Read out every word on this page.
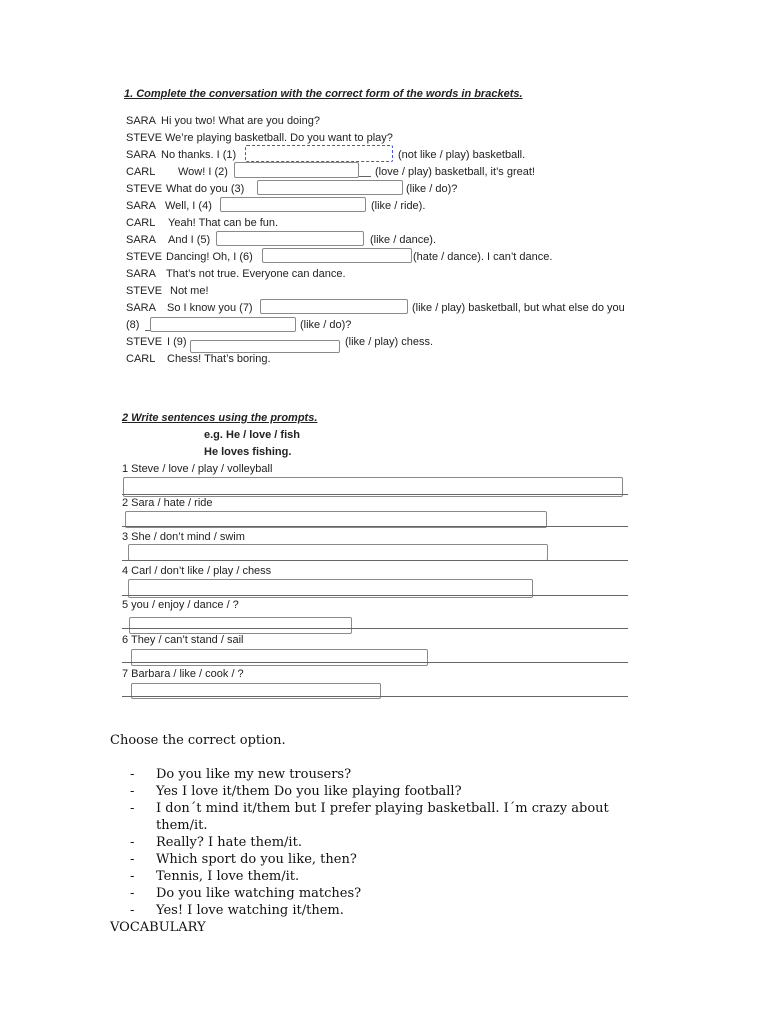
1. Complete the conversation with the correct form of the words in brackets.
SARA Hi you two! What are you doing?
STEVE We’re playing basketball. Do you want to play?
SARA No thanks. I (1)	(not like / play) basketball.
CARL Wow! I (2)	(love / play) basketball, it’s great!
STEVE What do you (3)	(like / do)?
SARA Well, I (4)	(like / ride).
CARL Yeah! That can be fun.
SARA And I (5)	(like / dance).
STEVE Dancing! Oh, I (6)	(hate / dance). I can’t dance.
SARA That’s not true. Everyone can dance.
STEVE Not me!
SARA So I know you (7)	(like / play) basketball, but what else do you
(8)	(like / do)?
STEVE I (9)	(like / play) chess.
CARL Chess! That’s boring.
2 Write sentences using the prompts.
e.g. He / love / fish
He loves fishing.
1 Steve / love / play / volleyball
2 Sara / hate / ride
3 She / don’t mind / swim
4 Carl / don’t like / play / chess
5 you / enjoy / dance / ?
6 They / can’t stand / sail
7 Barbara / like / cook / ?
Choose the correct option.
- Do you like my new trousers?
- Yes I love it/them Do you like playing football?
- I don´t mind it/them but I prefer playing basketball. I´m crazy about
them/it.
- Really? I hate them/it.
- Which sport do you like, then?
- Tennis, I love them/it.
- Do you like watching matches?
- Yes! I love watching it/them.
VOCABULARY
